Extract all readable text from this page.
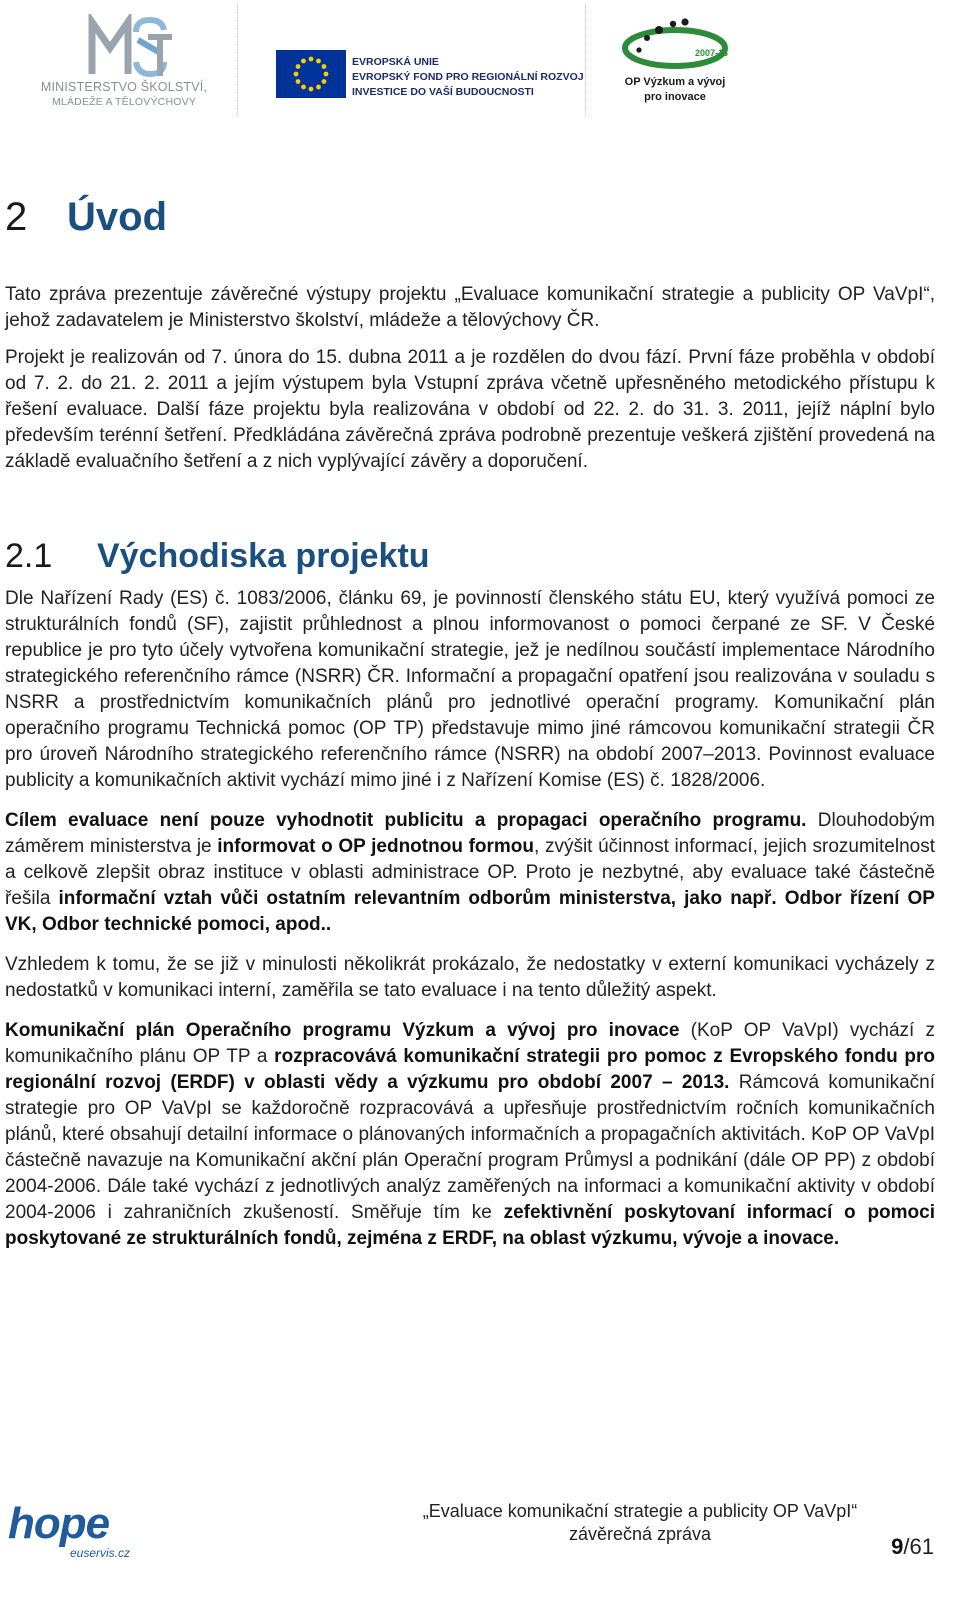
MINISTERSTVO ŠKOLSTVÍ,
MLÁDEŽE A TĚLOVÝCHOVY
EVROPSKÁ UNIE
EVROPSKÝ FOND PRO REGIONÁLNÍ ROZVOJ
INVESTICE DO VAŠÍ BUDOUCNOSTI
2007-13
OP Výzkum a vývoj
pro inovace
2 Úvod

Tato zpráva prezentuje závěrečné výstupy projektu „Evaluace komunikační strategie a publicity OP VaVpI“, jehož zadavatelem je Ministerstvo školství, mládeže a tělovýchovy ČR.

Projekt je realizován od 7. února do 15. dubna 2011 a je rozdělen do dvou fází. První fáze proběhla v období od 7. 2. do 21. 2. 2011 a jejím výstupem byla Vstupní zpráva včetně upřesněného metodického přístupu k řešení evaluace. Další fáze projektu byla realizována v období od 22. 2. do 31. 3. 2011, jejíž náplní bylo především terénní šetření. Předkládána závěrečná zpráva podrobně prezentuje veškerá zjištění provedená na základě evaluačního šetření a z nich vyplývající závěry a doporučení.

2.1 Východiska projektu

Dle Nařízení Rady (ES) č. 1083/2006, článku 69, je povinností členského státu EU, který využívá pomoci ze strukturálních fondů (SF), zajistit průhlednost a plnou informovanost o pomoci čerpané ze SF. V České republice je pro tyto účely vytvořena komunikační strategie, jež je nedílnou součástí implementace Národního strategického referenčního rámce (NSRR) ČR. Informační a propagační opatření jsou realizována v souladu s NSRR a prostřednictvím komunikačních plánů pro jednotlivé operační programy. Komunikační plán operačního programu Technická pomoc (OP TP) představuje mimo jiné rámcovou komunikační strategii ČR pro úroveň Národního strategického referenčního rámce (NSRR) na období 2007–2013. Povinnost evaluace publicity a komunikačních aktivit vychází mimo jiné i z Nařízení Komise (ES) č. 1828/2006.

Cílem evaluace není pouze vyhodnotit publicitu a propagaci operačního programu. Dlouhodobým záměrem ministerstva je informovat o OP jednotnou formou, zvýšit účinnost informací, jejich srozumitelnost a celkově zlepšit obraz instituce v oblasti administrace OP. Proto je nezbytné, aby evaluace také částečně řešila informační vztah vůči ostatním relevantním odborům ministerstva, jako např. Odbor řízení OP VK, Odbor technické pomoci, apod..

Vzhledem k tomu, že se již v minulosti několikrát prokázalo, že nedostatky v externí komunikaci vycházely z nedostatků v komunikaci interní, zaměřila se tato evaluace i na tento důležitý aspekt.

Komunikační plán Operačního programu Výzkum a vývoj pro inovace (KoP OP VaVpI) vychází z komunikačního plánu OP TP a rozpracovává komunikační strategii pro pomoc z Evropského fondu pro regionální rozvoj (ERDF) v oblasti vědy a výzkumu pro období 2007 – 2013. Rámcová komunikační strategie pro OP VaVpI se každoročně rozpracovává a upřesňuje prostřednictvím ročních komunikačních plánů, které obsahují detailní informace o plánovaných informačních a propagačních aktivitách. KoP OP VaVpI částečně navazuje na Komunikační akční plán Operační program Průmysl a podnikání (dále OP PP) z období 2004-2006. Dále také vychází z jednotlivých analýz zaměřených na informaci a komunikační aktivity v období 2004-2006 i zahraničních zkušeností. Směřuje tím ke zefektivnění poskytovaní informací o pomoci poskytované ze strukturálních fondů, zejména z ERDF, na oblast výzkumu, vývoje a inovace.

hope
euservis.cz
„Evaluace komunikační strategie a publicity OP VaVpI“
závěrečná zpráva	9/61
